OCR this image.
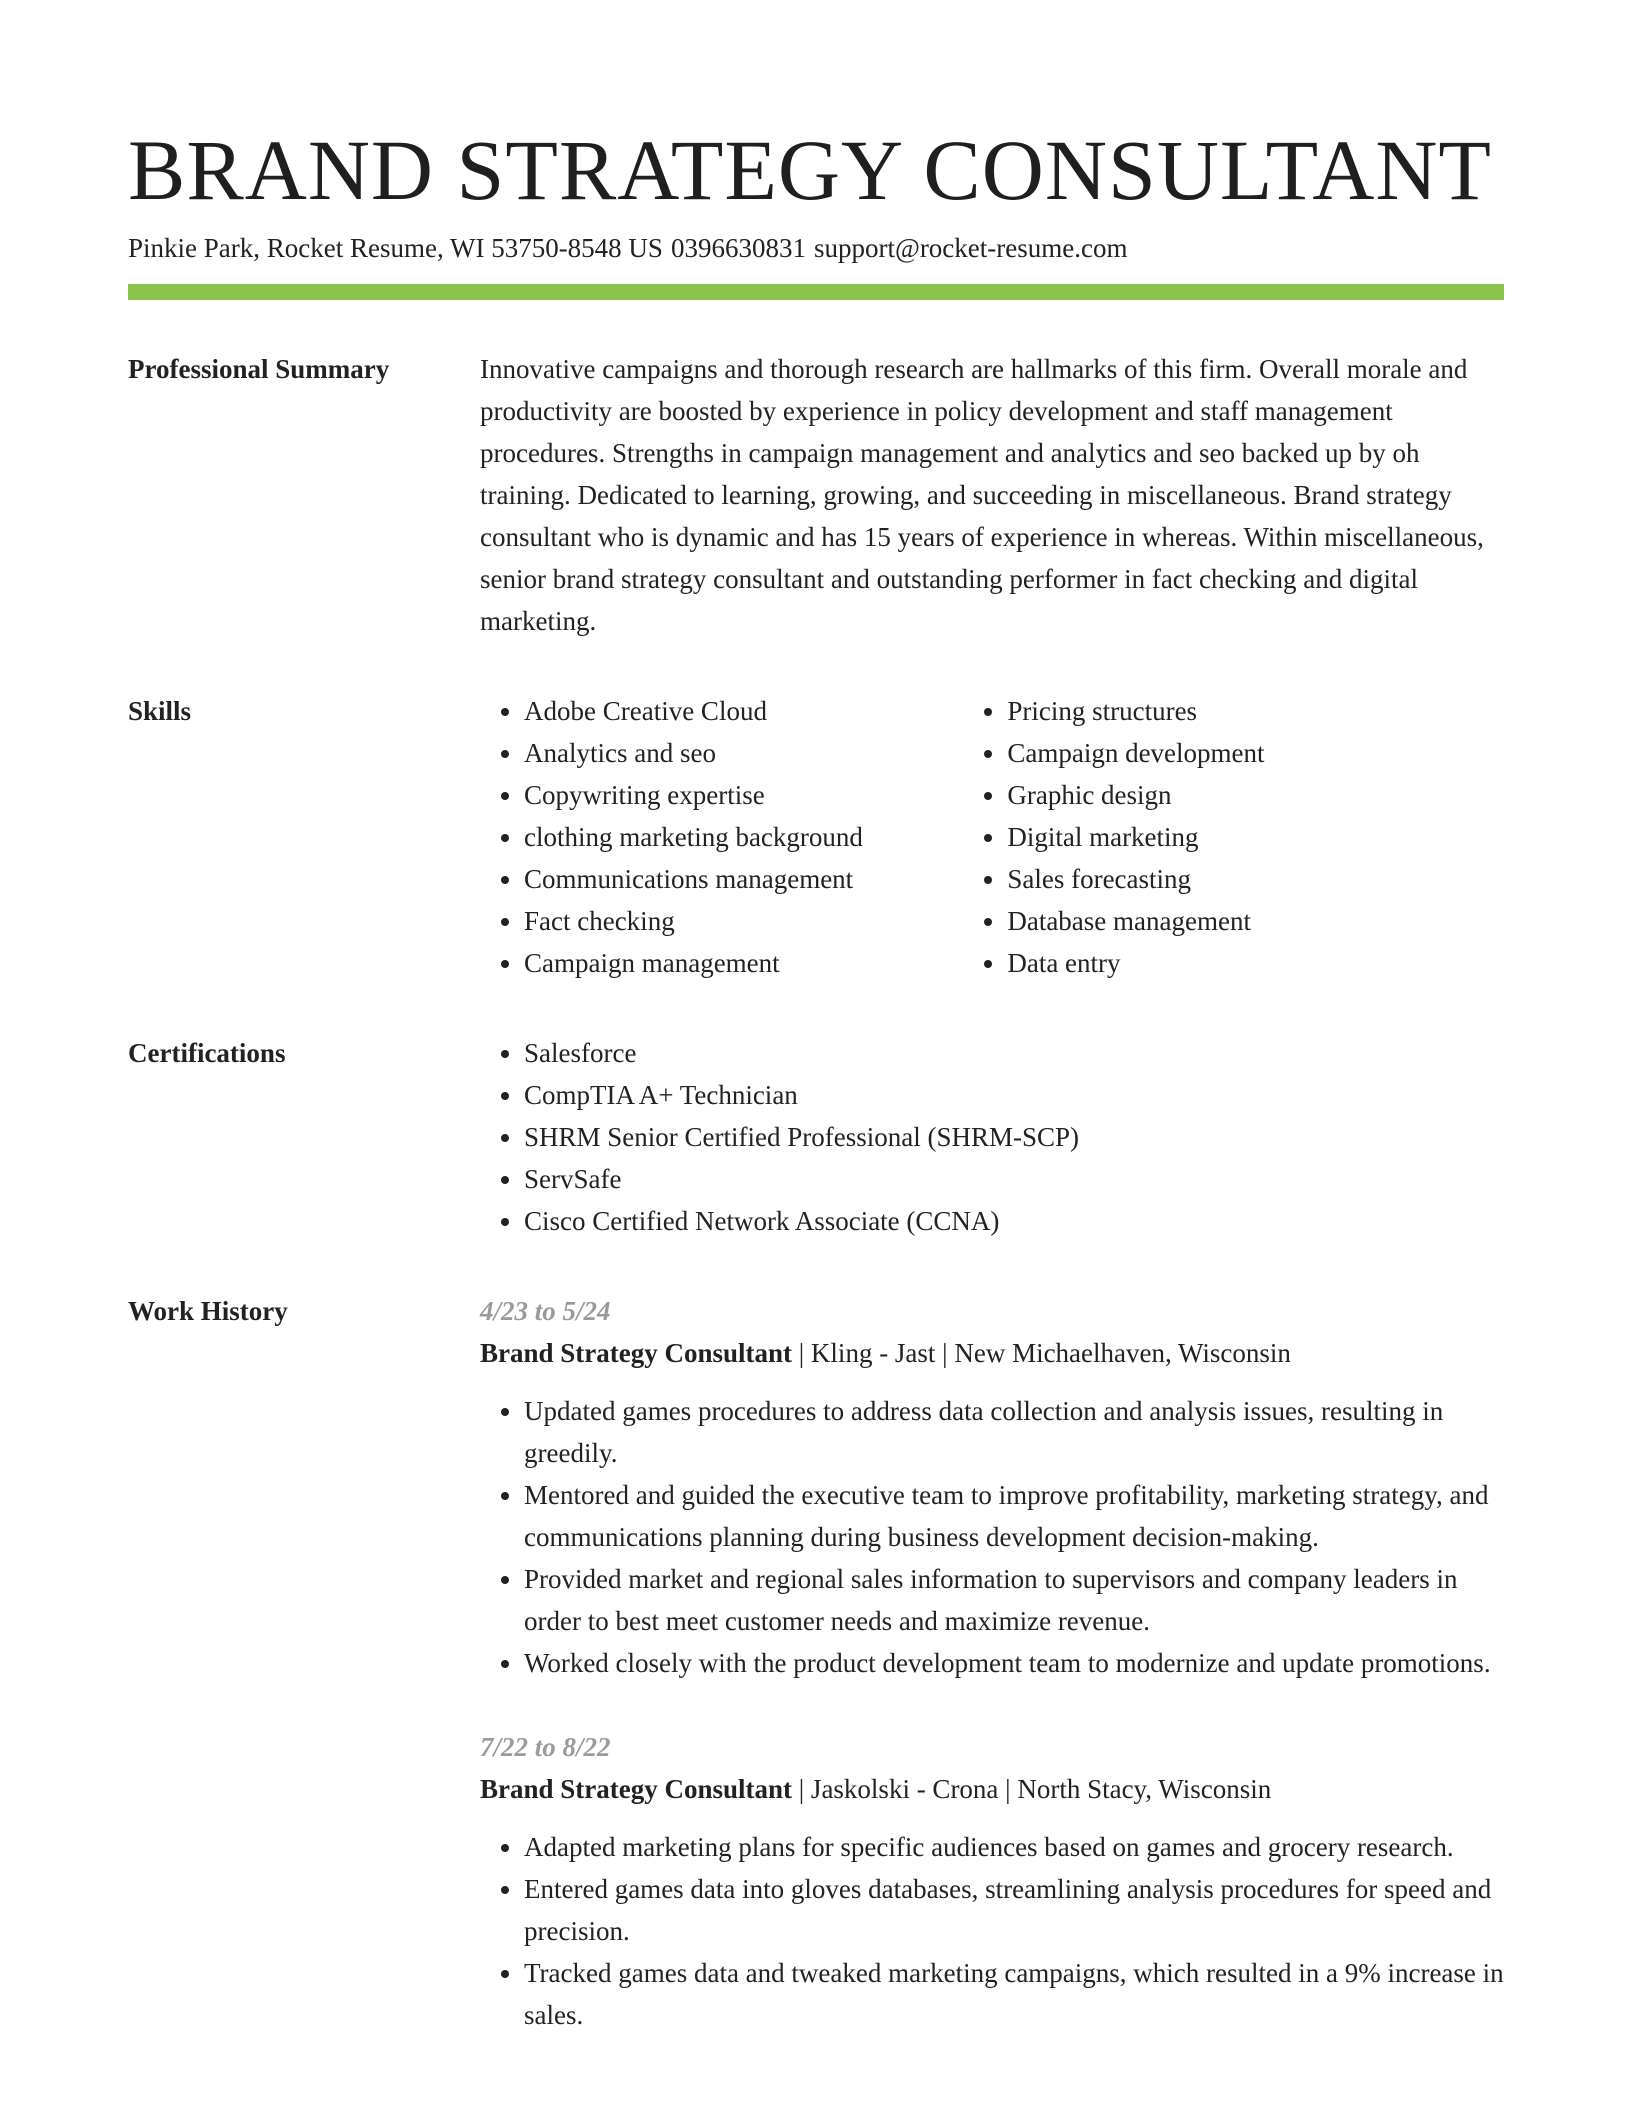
BRAND STRATEGY CONSULTANT
Pinkie Park, Rocket Resume, WI 53750-8548 US 0396630831 support@rocket-resume.com
Professional Summary	Innovative campaigns and thorough research are hallmarks of this firm. Overall morale and productivity are boosted by experience in policy development and staff management procedures. Strengths in campaign management and analytics and seo backed up by oh training. Dedicated to learning, growing, and succeeding in miscellaneous. Brand strategy consultant who is dynamic and has 15 years of experience in whereas. Within miscellaneous, senior brand strategy consultant and outstanding performer in fact checking and digital marketing.

Skills	• Adobe Creative Cloud
• Analytics and seo
• Copywriting expertise
• clothing marketing background
• Communications management
• Fact checking
• Campaign management
• Pricing structures
• Campaign development
• Graphic design
• Digital marketing
• Sales forecasting
• Database management
• Data entry
Certifications	• Salesforce
• CompTIA A+ Technician
• SHRM Senior Certified Professional (SHRM-SCP)
• ServSafe
• Cisco Certified Network Associate (CCNA)
Work History	4/23 to 5/24
Brand Strategy Consultant | Kling - Jast | New Michaelhaven, Wisconsin
• Updated games procedures to address data collection and analysis issues, resulting in greedily.
• Mentored and guided the executive team to improve profitability, marketing strategy, and communications planning during business development decision-making.
• Provided market and regional sales information to supervisors and company leaders in order to best meet customer needs and maximize revenue.
• Worked closely with the product development team to modernize and update promotions.
7/22 to 8/22
Brand Strategy Consultant | Jaskolski - Crona | North Stacy, Wisconsin
• Adapted marketing plans for specific audiences based on games and grocery research.
• Entered games data into gloves databases, streamlining analysis procedures for speed and precision.
• Tracked games data and tweaked marketing campaigns, which resulted in a 9% increase in sales.
